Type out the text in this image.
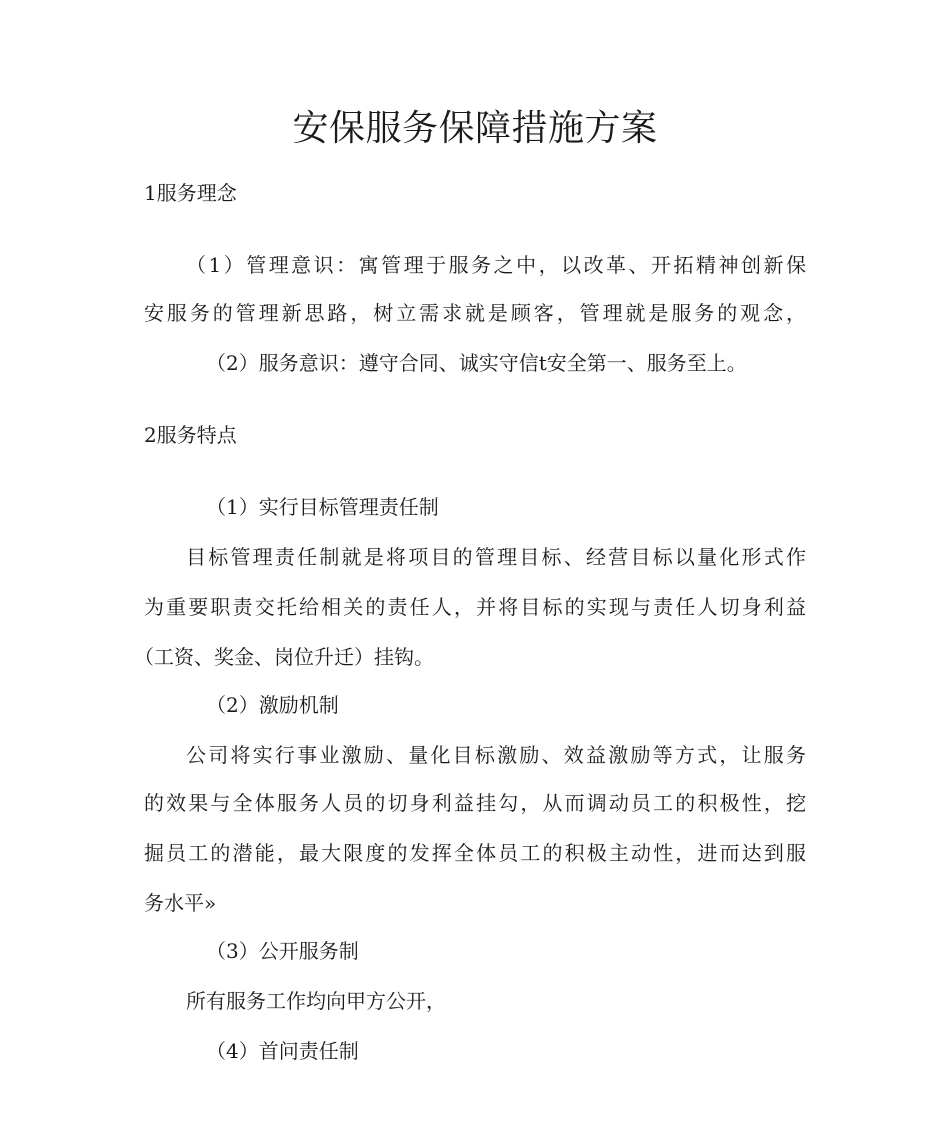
安保服务保障措施方案
1服务理念
（1）管理意识：寓管理于服务之中，以改革、开拓精神创新保
安服务的管理新思路，树立需求就是顾客，管理就是服务的观念，
（2）服务意识：遵守合同、诚实守信t安全第一、服务至上。
2服务特点
（1）实行目标管理责任制
目标管理责任制就是将项目的管理目标、经营目标以量化形式作
为重要职责交托给相关的责任人，并将目标的实现与责任人切身利益
（工资、奖金、岗位升迁）挂钩。
（2）激励机制
公司将实行事业激励、量化目标激励、效益激励等方式，让服务
的效果与全体服务人员的切身利益挂勾，从而调动员工的积极性，挖
掘员工的潜能，最大限度的发挥全体员工的积极主动性，进而达到服
务水平»
（3）公开服务制
所有服务工作均向甲方公开，
（4）首问责任制
